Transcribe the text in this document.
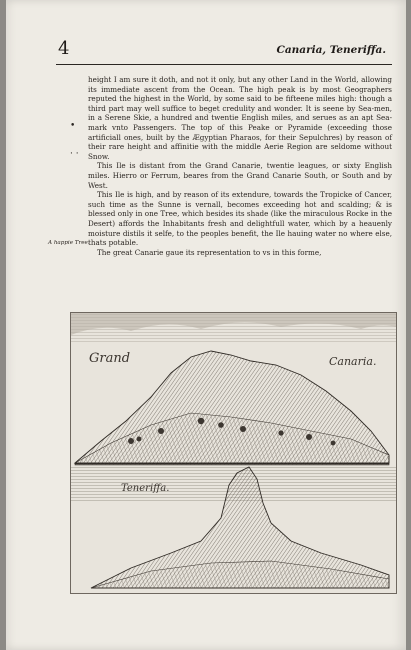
4	Canaria, Teneriffa.
•
· ·
A happie Tree.

height I am sure it doth, and not it only, but any other Land in the World, allowing its immediate ascent from the Ocean. The high peak is by most Geographers reputed the highest in the World, by some said to be fifteene miles high: though a third part may well suffice to beget credulity and wonder. It is seene by Sea-men, in a Serene Skie, a hundred and twentie English miles, and serues as an apt Sea-mark vnto Passengers. The top of this Peake or Pyramide (exceeding those artificiall ones, built by the Ægyptian Pharaos, for their Sepulchres) by reason of their rare height and affinitie with the middle Aerie Region are seldome without Snow.

This Ile is distant from the Grand Canarie, twentie leagues, or sixty English miles. Hierro or Ferrum, beares from the Grand Canarie South, or South and by West.

This Ile is high, and by reason of its extendure, towards the Tropicke of Cancer, such time as the Sunne is vernall, becomes exceeding hot and scalding; & is blessed only in one Tree, which besides its shade (like the miraculous Rocke in the Desert) affords the Inhabitants fresh and delightfull water, which by a heauenly moisture distils it selfe, to the peoples benefit, the Ile hauing water no where else, thats potable.

The great Canarie gaue its representation to vs in this forme,

Grand	Canaria.
Teneriffa.
